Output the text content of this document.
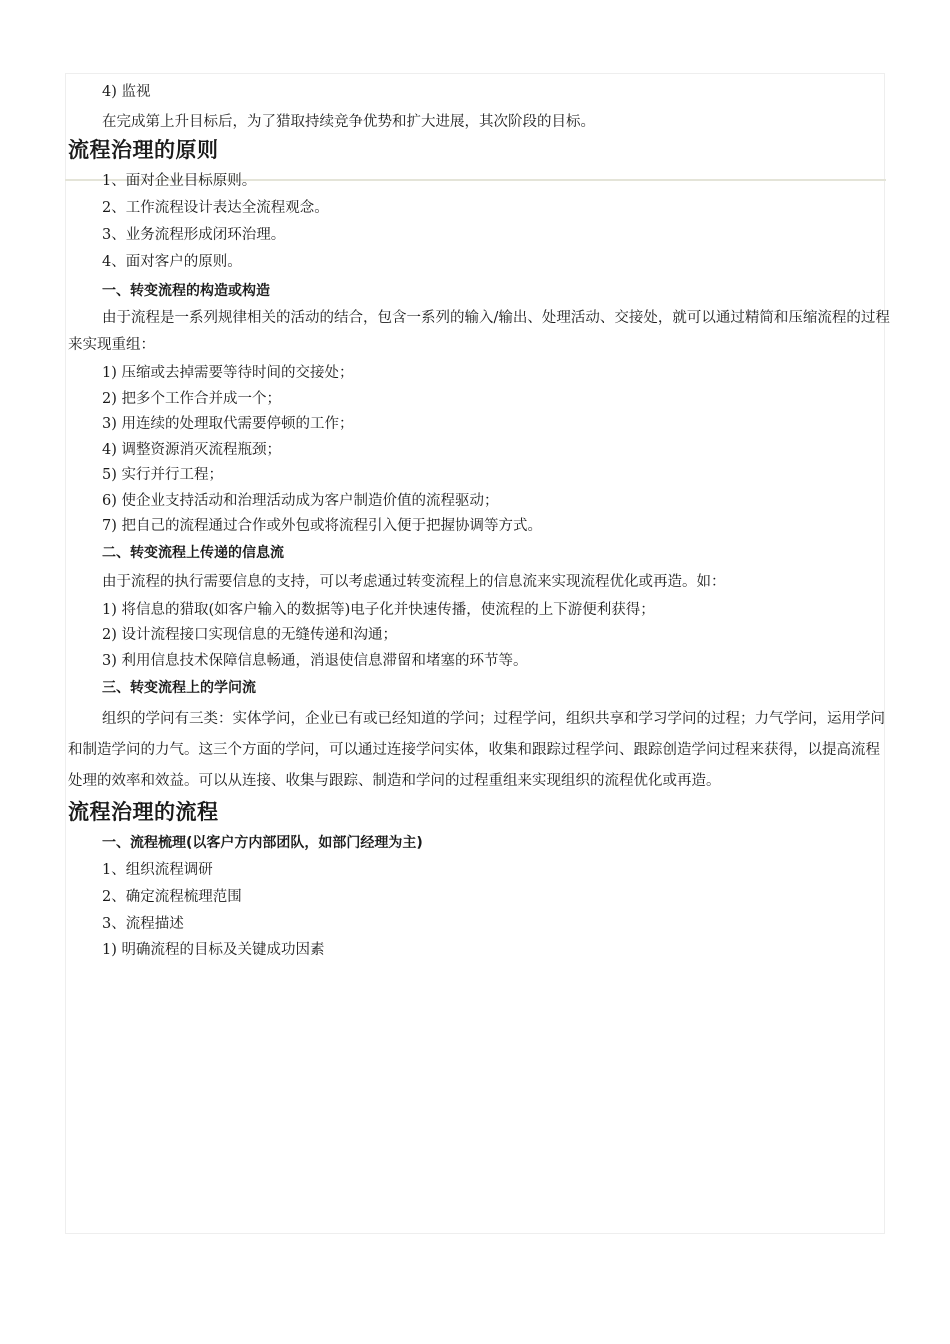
4) 监视

在完成第上升目标后，为了猎取持续竞争优势和扩大进展，其次阶段的目标。

流程治理的原则

1、面对企业目标原则。

2、工作流程设计表达全流程观念。

3、业务流程形成闭环治理。

4、面对客户的原则。

一、转变流程的构造或构造

由于流程是一系列规律相关的活动的结合，包含一系列的输入/输出、处理活动、交接处，就可以通过精简和压缩流程的过程来实现重组：

1) 压缩或去掉需要等待时间的交接处；

2) 把多个工作合并成一个；

3) 用连续的处理取代需要停顿的工作；

4) 调整资源消灭流程瓶颈；

5) 实行并行工程；

6) 使企业支持活动和治理活动成为客户制造价值的流程驱动；

7) 把自己的流程通过合作或外包或将流程引入便于把握协调等方式。

二、转变流程上传递的信息流

由于流程的执行需要信息的支持，可以考虑通过转变流程上的信息流来实现流程优化或再造。如：

1) 将信息的猎取(如客户输入的数据等)电子化并快速传播，使流程的上下游便利获得；

2) 设计流程接口实现信息的无缝传递和沟通；

3) 利用信息技术保障信息畅通，消退使信息滞留和堵塞的环节等。

三、转变流程上的学问流

组织的学问有三类：实体学问，企业已有或已经知道的学问；过程学问，组织共享和学习学问的过程；力气学问，运用学问和制造学问的力气。这三个方面的学问，可以通过连接学问实体，收集和跟踪过程学问、跟踪创造学问过程来获得，以提高流程处理的效率和效益。可以从连接、收集与跟踪、制造和学问的过程重组来实现组织的流程优化或再造。

流程治理的流程

一、流程梳理(以客户方内部团队，如部门经理为主)

1、组织流程调研

2、确定流程梳理范围

3、流程描述

1) 明确流程的目标及关键成功因素
